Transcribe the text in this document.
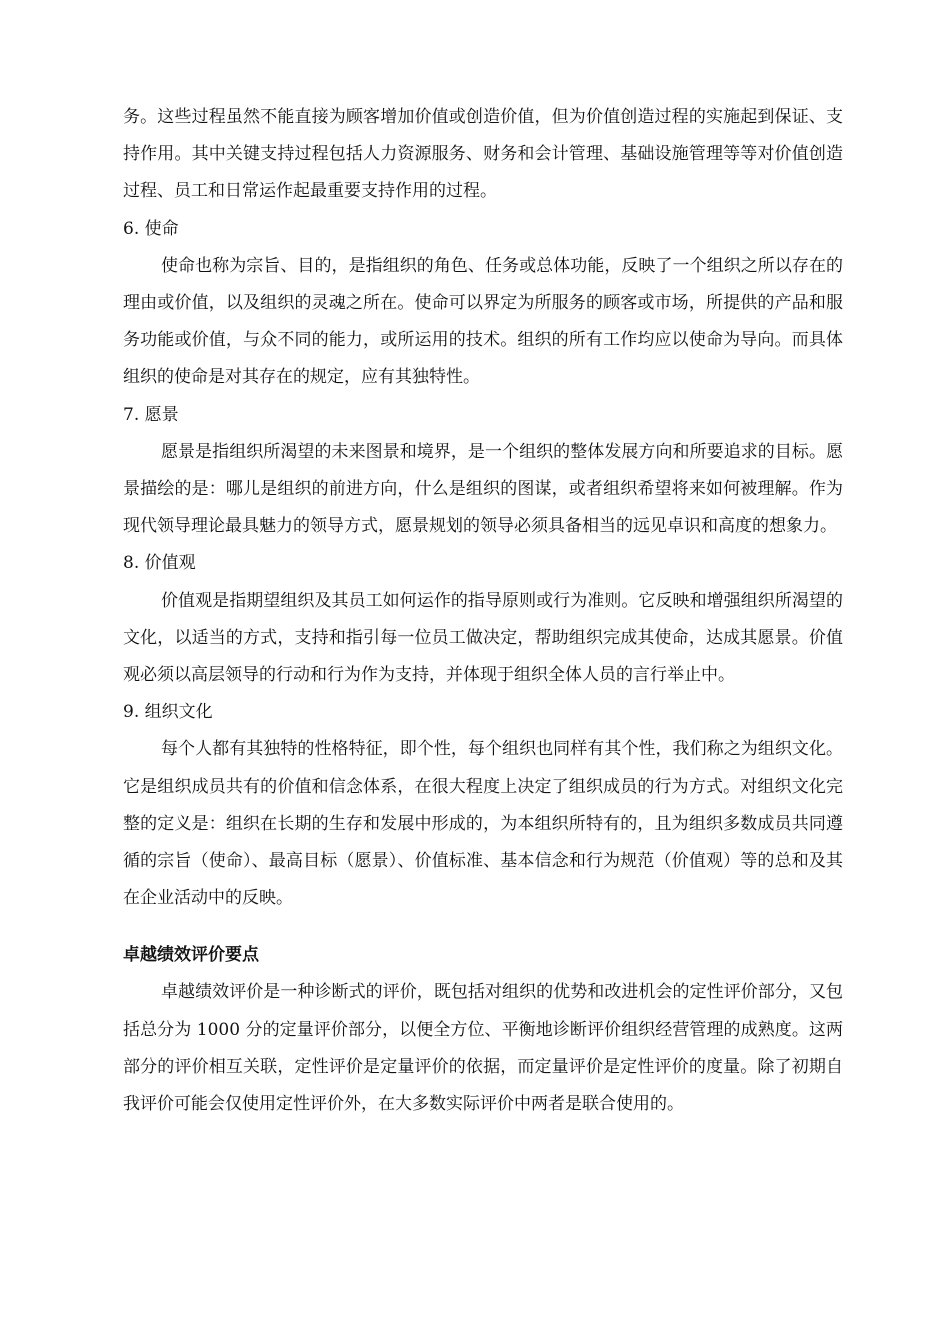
务。这些过程虽然不能直接为顾客增加价值或创造价值，但为价值创造过程的实施起到保证、支持作用。其中关键支持过程包括人力资源服务、财务和会计管理、基础设施管理等等对价值创造过程、员工和日常运作起最重要支持作用的过程。

6. 使命

使命也称为宗旨、目的，是指组织的角色、任务或总体功能，反映了一个组织之所以存在的理由或价值，以及组织的灵魂之所在。使命可以界定为所服务的顾客或市场，所提供的产品和服务功能或价值，与众不同的能力，或所运用的技术。组织的所有工作均应以使命为导向。而具体组织的使命是对其存在的规定，应有其独特性。

7. 愿景

愿景是指组织所渴望的未来图景和境界，是一个组织的整体发展方向和所要追求的目标。愿景描绘的是：哪儿是组织的前进方向，什么是组织的图谋，或者组织希望将来如何被理解。作为现代领导理论最具魅力的领导方式，愿景规划的领导必须具备相当的远见卓识和高度的想象力。

8. 价值观

价值观是指期望组织及其员工如何运作的指导原则或行为准则。它反映和增强组织所渴望的文化，以适当的方式，支持和指引每一位员工做决定，帮助组织完成其使命，达成其愿景。价值观必须以高层领导的行动和行为作为支持，并体现于组织全体人员的言行举止中。

9. 组织文化

每个人都有其独特的性格特征，即个性，每个组织也同样有其个性，我们称之为组织文化。它是组织成员共有的价值和信念体系，在很大程度上决定了组织成员的行为方式。对组织文化完整的定义是：组织在长期的生存和发展中形成的，为本组织所特有的，且为组织多数成员共同遵循的宗旨（使命）、最高目标（愿景）、价值标准、基本信念和行为规范（价值观）等的总和及其在企业活动中的反映。

卓越绩效评价要点

卓越绩效评价是一种诊断式的评价，既包括对组织的优势和改进机会的定性评价部分，又包括总分为 1000 分的定量评价部分，以便全方位、平衡地诊断评价组织经营管理的成熟度。这两部分的评价相互关联，定性评价是定量评价的依据，而定量评价是定性评价的度量。除了初期自我评价可能会仅使用定性评价外，在大多数实际评价中两者是联合使用的。
